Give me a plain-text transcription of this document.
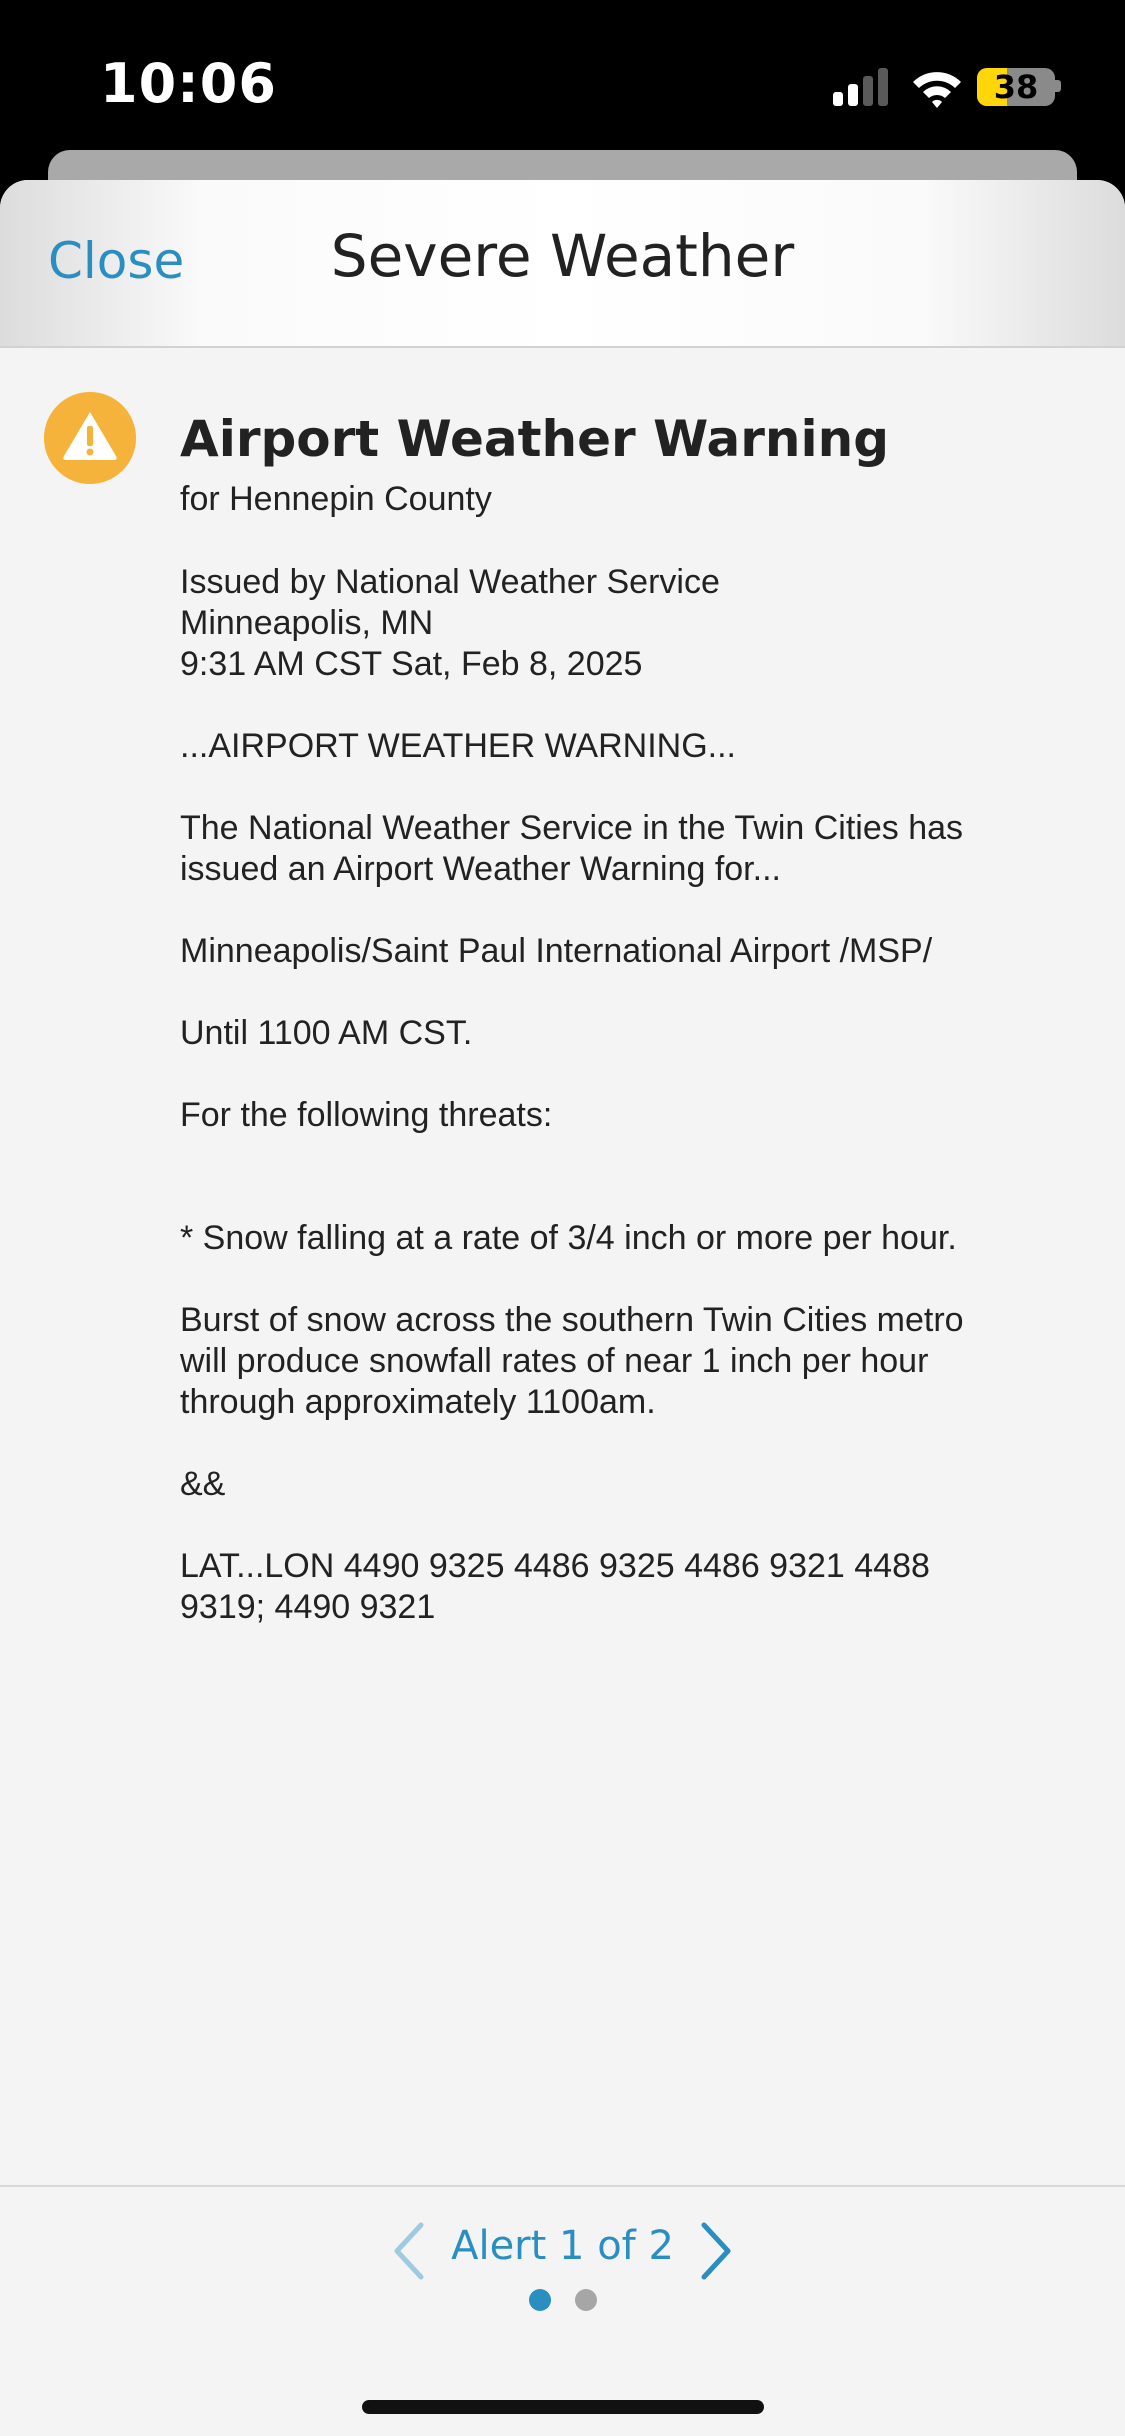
10:06	38
Close	Severe Weather
Airport Weather Warning
for Hennepin County
Issued by National Weather Service
Minneapolis, MN
9:31 AM CST Sat, Feb 8, 2025
...AIRPORT WEATHER WARNING...
The National Weather Service in the Twin Cities has
issued an Airport Weather Warning for...
Minneapolis/Saint Paul International Airport /MSP/
Until 1100 AM CST.
For the following threats:
* Snow falling at a rate of 3/4 inch or more per hour.
Burst of snow across the southern Twin Cities metro
will produce snowfall rates of near 1 inch per hour
through approximately 1100am.
&&
LAT...LON 4490 9325 4486 9325 4486 9321 4488
9319; 4490 9321
Alert 1 of 2
